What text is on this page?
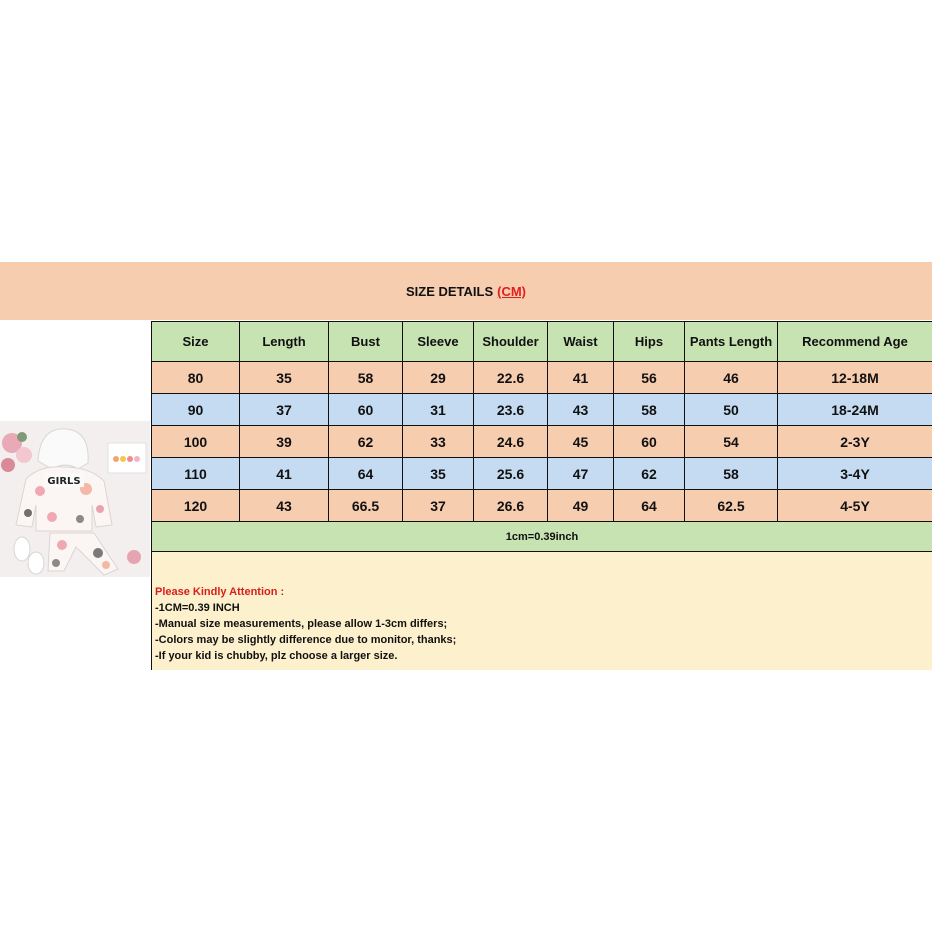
SIZE DETAILS (CM)
GIRLS
Size	Length	Bust	Sleeve	Shoulder	Waist	Hips	Pants Length	Recommend Age
80	35	58	29	22.6	41	56	46	12-18M
90	37	60	31	23.6	43	58	50	18-24M
100	39	62	33	24.6	45	60	54	2-3Y
110	41	64	35	25.6	47	62	58	3-4Y
120	43	66.5	37	26.6	49	64	62.5	4-5Y
1cm=0.39inch
Please Kindly Attention :
-1CM=0.39 INCH
-Manual size measurements, please allow 1-3cm differs;
-Colors may be slightly difference due to monitor, thanks;
-If your kid is chubby, plz choose a larger size.
